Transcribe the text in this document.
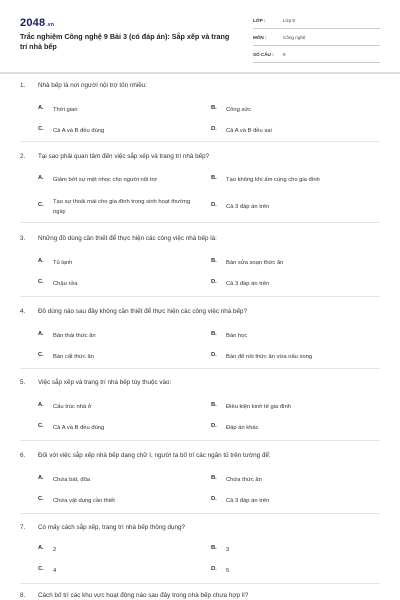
2048.vn
Trắc nghiệm Công nghệ 9 Bài 3 (có đáp án): Sắp xếp và trang trí nhà bếp
LỚP :	Lớp 9
MÔN :	Công nghệ
SỐ CÂU : 9
1. Nhà bếp là nơi người nội trợ tốn nhiều:
A. Thời gian	B. Công sức
C. Cả A và B đều đúng	D. Cả A và B đều sai
2. Tại sao phải quan tâm đến việc sắp xếp và trang trí nhà bếp?
A. Giảm bớt sự mệt nhọc cho người nội trợ	B. Tạo không khí ấm cúng cho gia đình
C. Tạo sự thoải mái cho gia đình trong sinh hoạt thường ngày
D. Cả 3 đáp án trên
3. Những đồ dùng cần thiết để thực hiện các công việc nhà bếp là:
A. Tủ lạnh	B. Bàn sửa soạn thức ăn
C. Chậu rửa	D. Cả 3 đáp án trên
4. Đồ dùng nào sau đây không cần thiết để thực hiện các công việc nhà bếp?
A. Bàn thái thức ăn	B. Bàn học
C. Bàn cất thức ăn	D. Bàn để nồi thức ăn vừa nấu xong
5. Việc sắp xếp và trang trí nhà bếp tùy thuộc vào:
A. Cấu trúc nhà ở	B. Điều kiện kinh tế gia đình
C. Cả A và B đều đúng	D. Đáp án khác
6. Đối với việc sắp xếp nhà bếp dạng chữ I, người ta bố trí các ngăn tủ trên tường để:
A. Chứa bát, đũa	B. Chứa thức ăn
C. Chứa vật dụng cần thiết	D. Cả 3 đáp án trên
7. Có mấy cách sắp xếp, trang trí nhà bếp thông dụng?
A. 2	B. 3
C. 4	D. 5
8. Cách bố trí các khu vực hoạt động nào sau đây trong nhà bếp chưa hợp lí?
